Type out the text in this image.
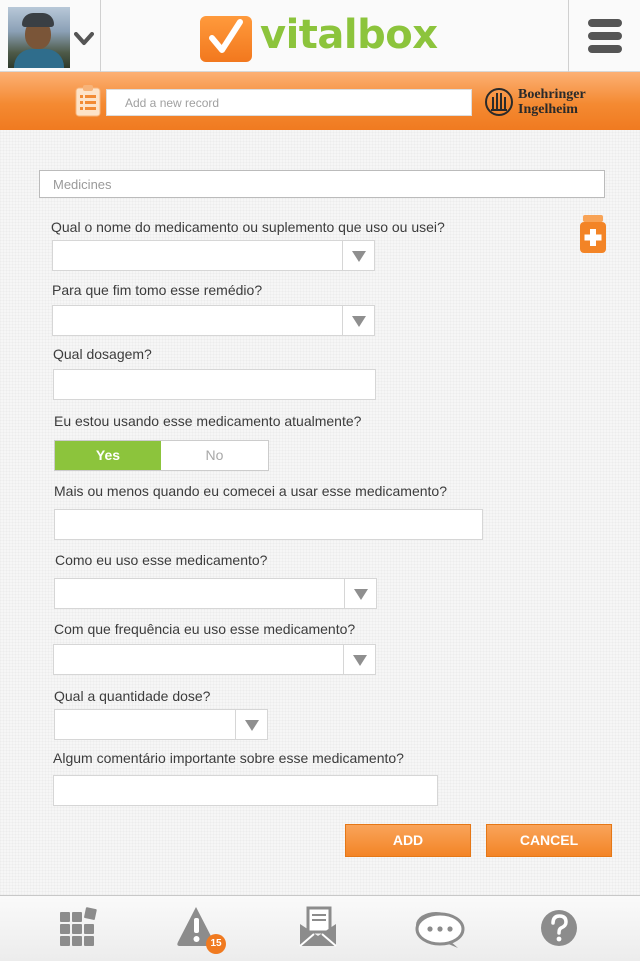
vitalbox
Add a new record
Boehringer
Ingelheim
Medicines
Qual o nome do medicamento ou suplemento que uso ou usei?
Para que fim tomo esse remédio?
Qual dosagem?
Eu estou usando esse medicamento atualmente?
Yes	No
Mais ou menos quando eu comecei a usar esse medicamento?
Como eu uso esse medicamento?
Com que frequência eu uso esse medicamento?
Qual a quantidade dose?
Algum comentário importante sobre esse medicamento?
ADD	CANCEL
15
